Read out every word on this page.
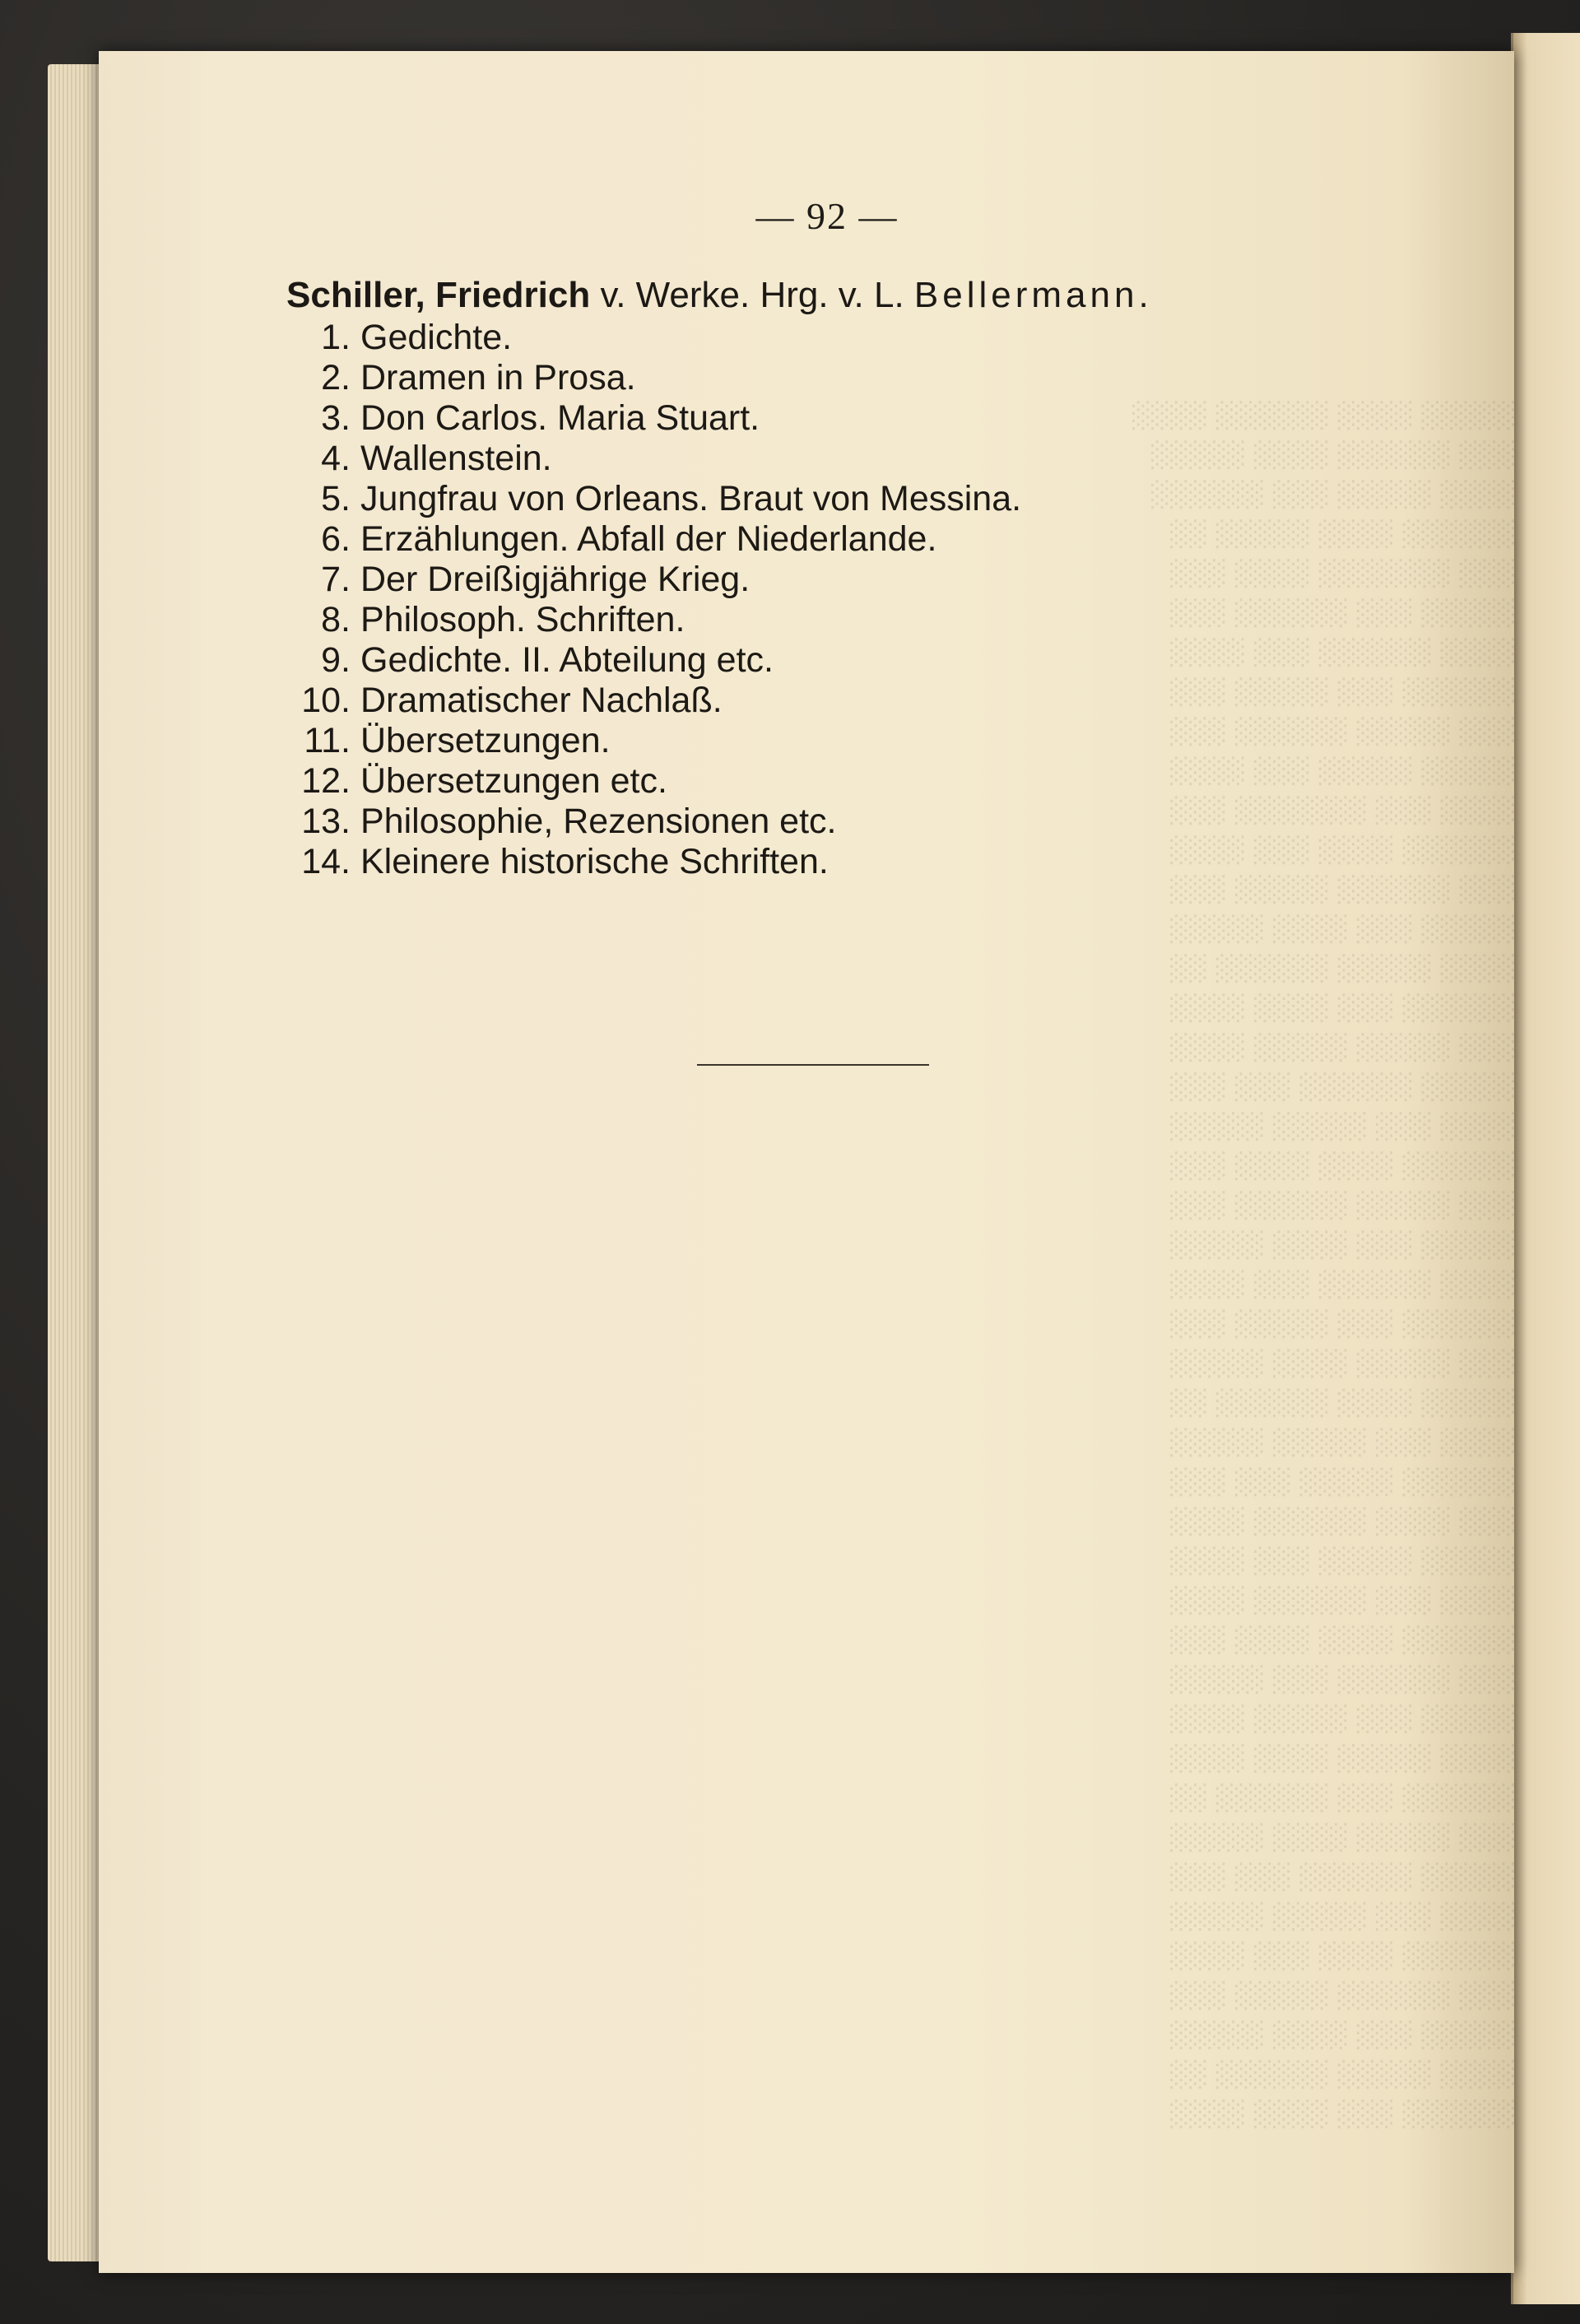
░░░░░ ░░░░ ░░░░░░ ░░░░
░░░ ░░░░░░ ░░░░ ░░░░░
░░░░ ░░░░░ ░░░ ░░░░░░
░░░░░░ ░░░░ ░░░░░ ░░
░░░ ░░░░░░░ ░░░░ ░░░
░░░░░ ░░░ ░░░░░░ ░░░
░░░░ ░░░░░░ ░░░ ░░░░
░░░░░░ ░░░ ░░░░░ ░░░
░░░ ░░░░░ ░░░░░░ ░░░
░░░░░ ░░░░░ ░░░ ░░░░
░░░░ ░░░ ░░░░░░░ ░░░
░░░░░░ ░░░░ ░░░ ░░░░
░░░ ░░░░░░ ░░░░░ ░░░
░░░░░ ░░░ ░░░░ ░░░░░
░░░░ ░░░░░ ░░░░░░ ░░
░░░░░░ ░░░ ░░░░ ░░░░
░░░ ░░░░░ ░░░░░ ░░░░
░░░░░ ░░░░░░ ░░░ ░░░
░░░░ ░░░ ░░░░░ ░░░░░
░░░░░░ ░░░░ ░░░░ ░░░
░░░ ░░░░░ ░░░░░░ ░░░
░░░░░ ░░░ ░░░░ ░░░░░
░░░░ ░░░░░░ ░░░ ░░░░
░░░░░░ ░░░ ░░░░░ ░░░
░░░ ░░░░░ ░░░░ ░░░░░
░░░░░ ░░░░ ░░░░░░ ░░
░░░░ ░░░ ░░░░░ ░░░░░
░░░░░░ ░░░░░ ░░░ ░░░
░░░ ░░░░ ░░░░░░ ░░░░
░░░░░ ░░░░░ ░░░ ░░░░
░░░░ ░░░ ░░░░░░ ░░░░
░░░░░░ ░░░░ ░░░░ ░░░
░░░ ░░░░░░ ░░░ ░░░░░
░░░░░ ░░░ ░░░░░ ░░░░
░░░░ ░░░░░ ░░░░ ░░░░
░░░░░░ ░░░ ░░░░░░ ░░
░░░ ░░░░░ ░░░░ ░░░░░
░░░░░ ░░░░░░ ░░░ ░░░
░░░░ ░░░ ░░░░░ ░░░░░
░░░░░░ ░░░░ ░░░ ░░░░
░░░ ░░░░░░ ░░░░░ ░░░
░░░░░ ░░░ ░░░░ ░░░░░
░░░░ ░░░░░ ░░░░░░ ░░
░░░░░░ ░░░ ░░░░ ░░░░
— 92 —
Schiller, Friedrich v. Werke. Hrg. v. L. Bellermann.
1. Gedichte.
2. Dramen in Prosa.
3. Don Carlos. Maria Stuart.
4. Wallenstein.
5. Jungfrau von Orleans. Braut von Messina.
6. Erzählungen. Abfall der Niederlande.
7. Der Dreißigjährige Krieg.
8. Philosoph. Schriften.
9. Gedichte. II. Abteilung etc.
10. Dramatischer Nachlaß.
11. Übersetzungen.
12. Übersetzungen etc.
13. Philosophie, Rezensionen etc.
14. Kleinere historische Schriften.
